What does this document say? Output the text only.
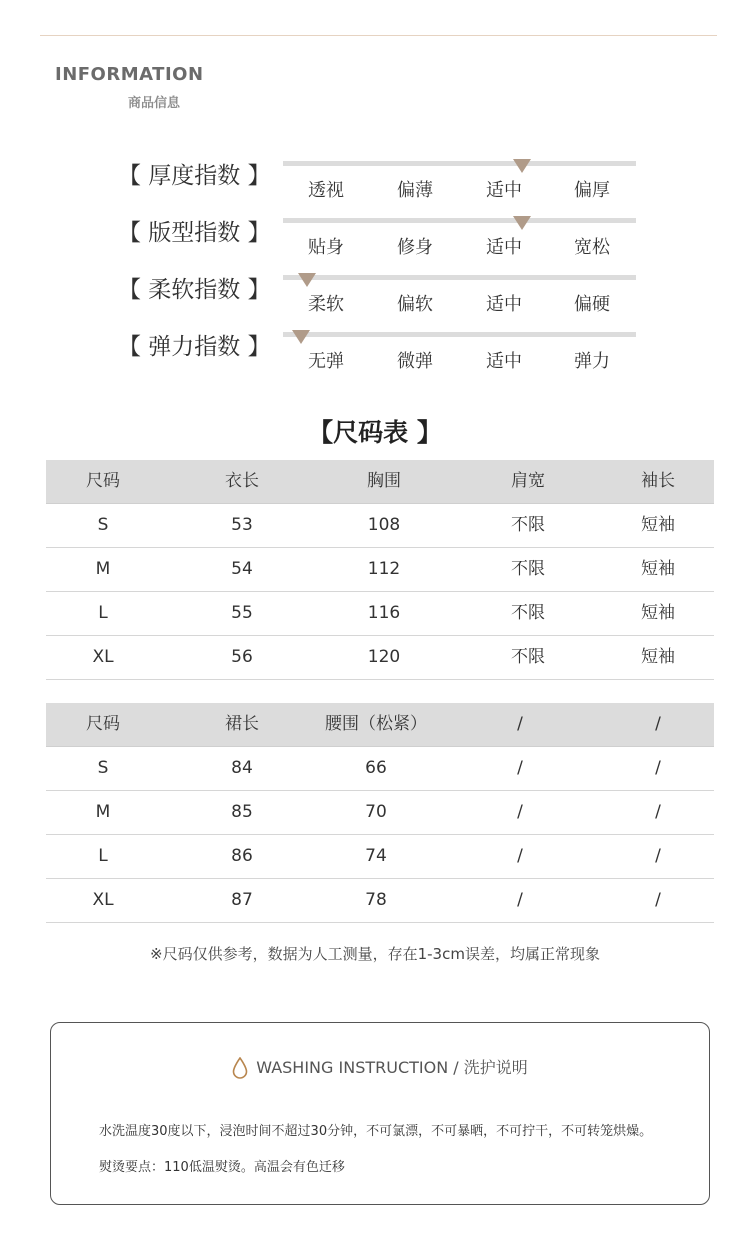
INFORMATION
商品信息
【 厚度指数 】
透视	偏薄	适中	偏厚
【 版型指数 】
贴身	修身	适中	宽松
【 柔软指数 】
柔软	偏软	适中	偏硬
【 弹力指数 】
无弹	微弹	适中	弹力
【尺码表 】
尺码	衣长	胸围	肩宽	袖长
S	53	108	不限	短袖
M	54	112	不限	短袖
L	55	116	不限	短袖
XL	56	120	不限	短袖
尺码	裙长	腰围（松紧）	/	/
S	84	66	/	/
M	85	70	/	/
L	86	74	/	/
XL	87	78	/	/
※尺码仅供参考，数据为人工测量，存在1-3cm误差，均属正常现象
WASHING INSTRUCTION / 洗护说明
水洗温度30度以下，浸泡时间不超过30分钟，不可氯漂，不可暴晒，不可拧干，不可转笼烘燥。
熨烫要点：110低温熨烫。高温会有色迁移
